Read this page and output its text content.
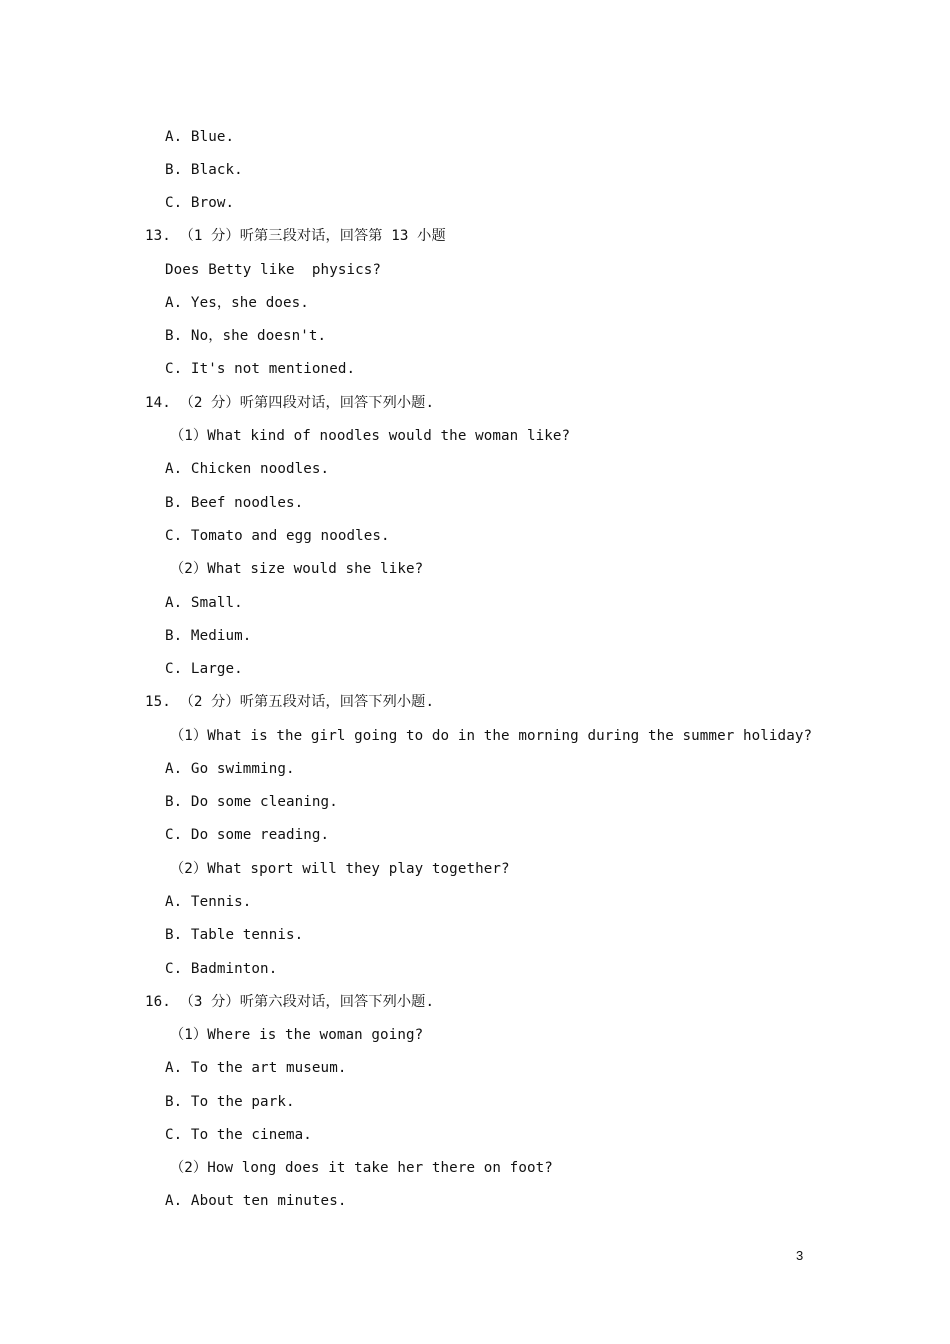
A. Blue.
B. Black.
C. Brow.
13. （1 分）听第三段对话，回答第 13 小题
Does Betty like  physics?
A. Yes，she does.
B. No，she doesn't.
C. It's not mentioned.
14. （2 分）听第四段对话，回答下列小题.
（1）What kind of noodles would the woman like?
A. Chicken noodles.
B. Beef noodles.
C. Tomato and egg noodles.
（2）What size would she like?
A. Small.
B. Medium.
C. Large.
15. （2 分）听第五段对话，回答下列小题.
（1）What is the girl going to do in the morning during the summer holiday?
A. Go swimming.
B. Do some cleaning.
C. Do some reading.
（2）What sport will they play together?
A. Tennis.
B. Table tennis.
C. Badminton.
16. （3 分）听第六段对话，回答下列小题.
（1）Where is the woman going?
A. To the art museum.
B. To the park.
C. To the cinema.
（2）How long does it take her there on foot?
A. About ten minutes.
3
